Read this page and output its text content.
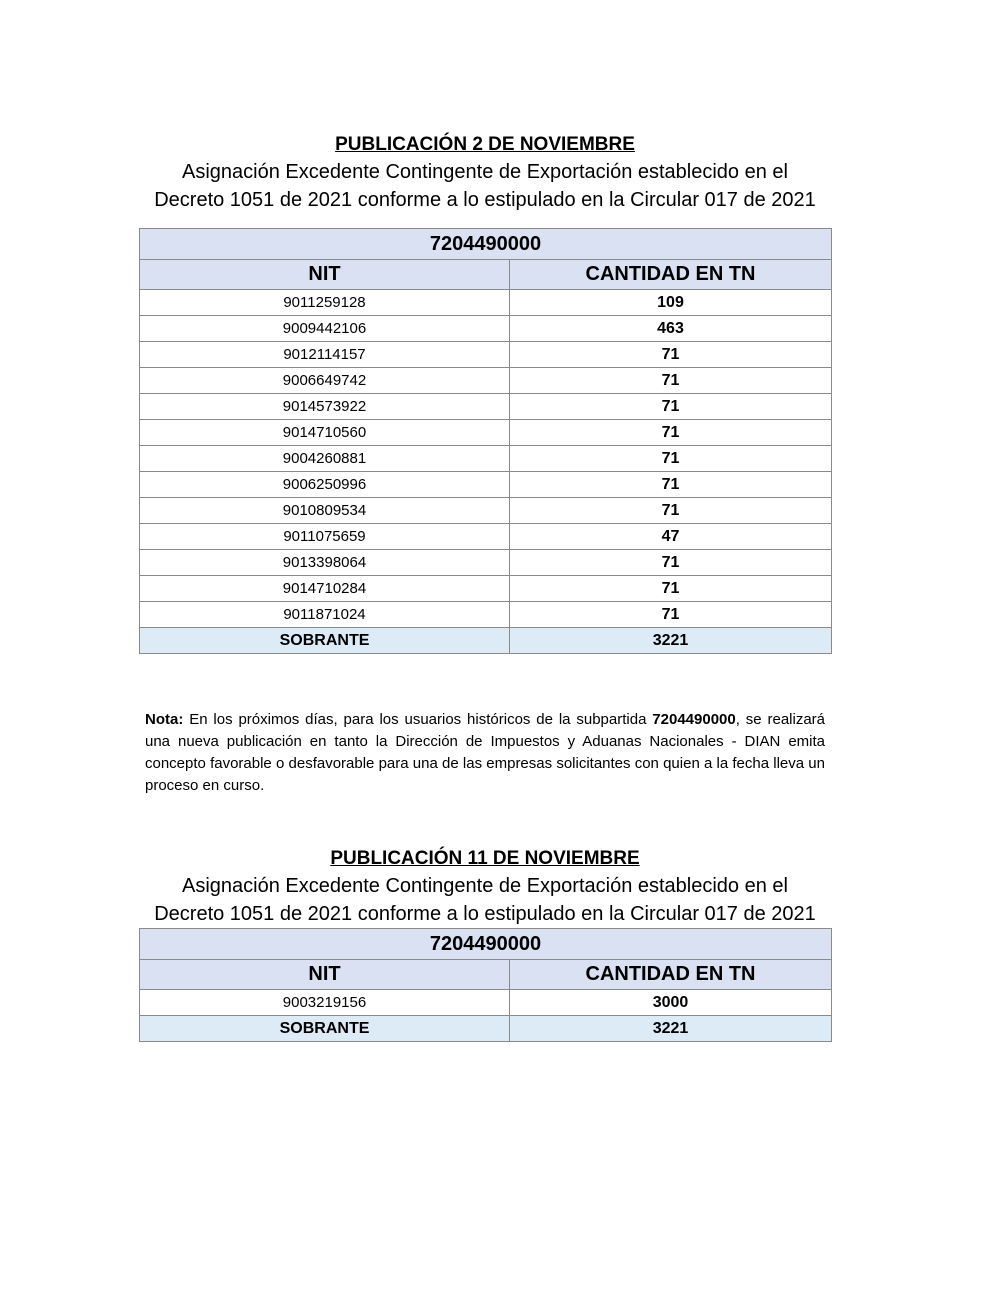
PUBLICACIÓN 2 DE NOVIEMBRE

Asignación Excedente Contingente de Exportación establecido en el Decreto 1051 de 2021 conforme a lo estipulado en la Circular 017 de 2021

7204490000	
NIT	CANTIDAD EN TN
9011259128	109
9009442106	463
9012114157	71
9006649742	71
9014573922	71
9014710560	71
9004260881	71
9006250996	71
9010809534	71
9011075659	47
9013398064	71
9014710284	71
9011871024	71
SOBRANTE	3221

Nota: En los próximos días, para los usuarios históricos de la subpartida 7204490000, se realizará una nueva publicación en tanto la Dirección de Impuestos y Aduanas Nacionales - DIAN emita concepto favorable o desfavorable para una de las empresas solicitantes con quien a la fecha lleva un proceso en curso.

PUBLICACIÓN 11 DE NOVIEMBRE

Asignación Excedente Contingente de Exportación establecido en el Decreto 1051 de 2021 conforme a lo estipulado en la Circular 017 de 2021

7204490000	
NIT	CANTIDAD EN TN
9003219156	3000
SOBRANTE	3221
